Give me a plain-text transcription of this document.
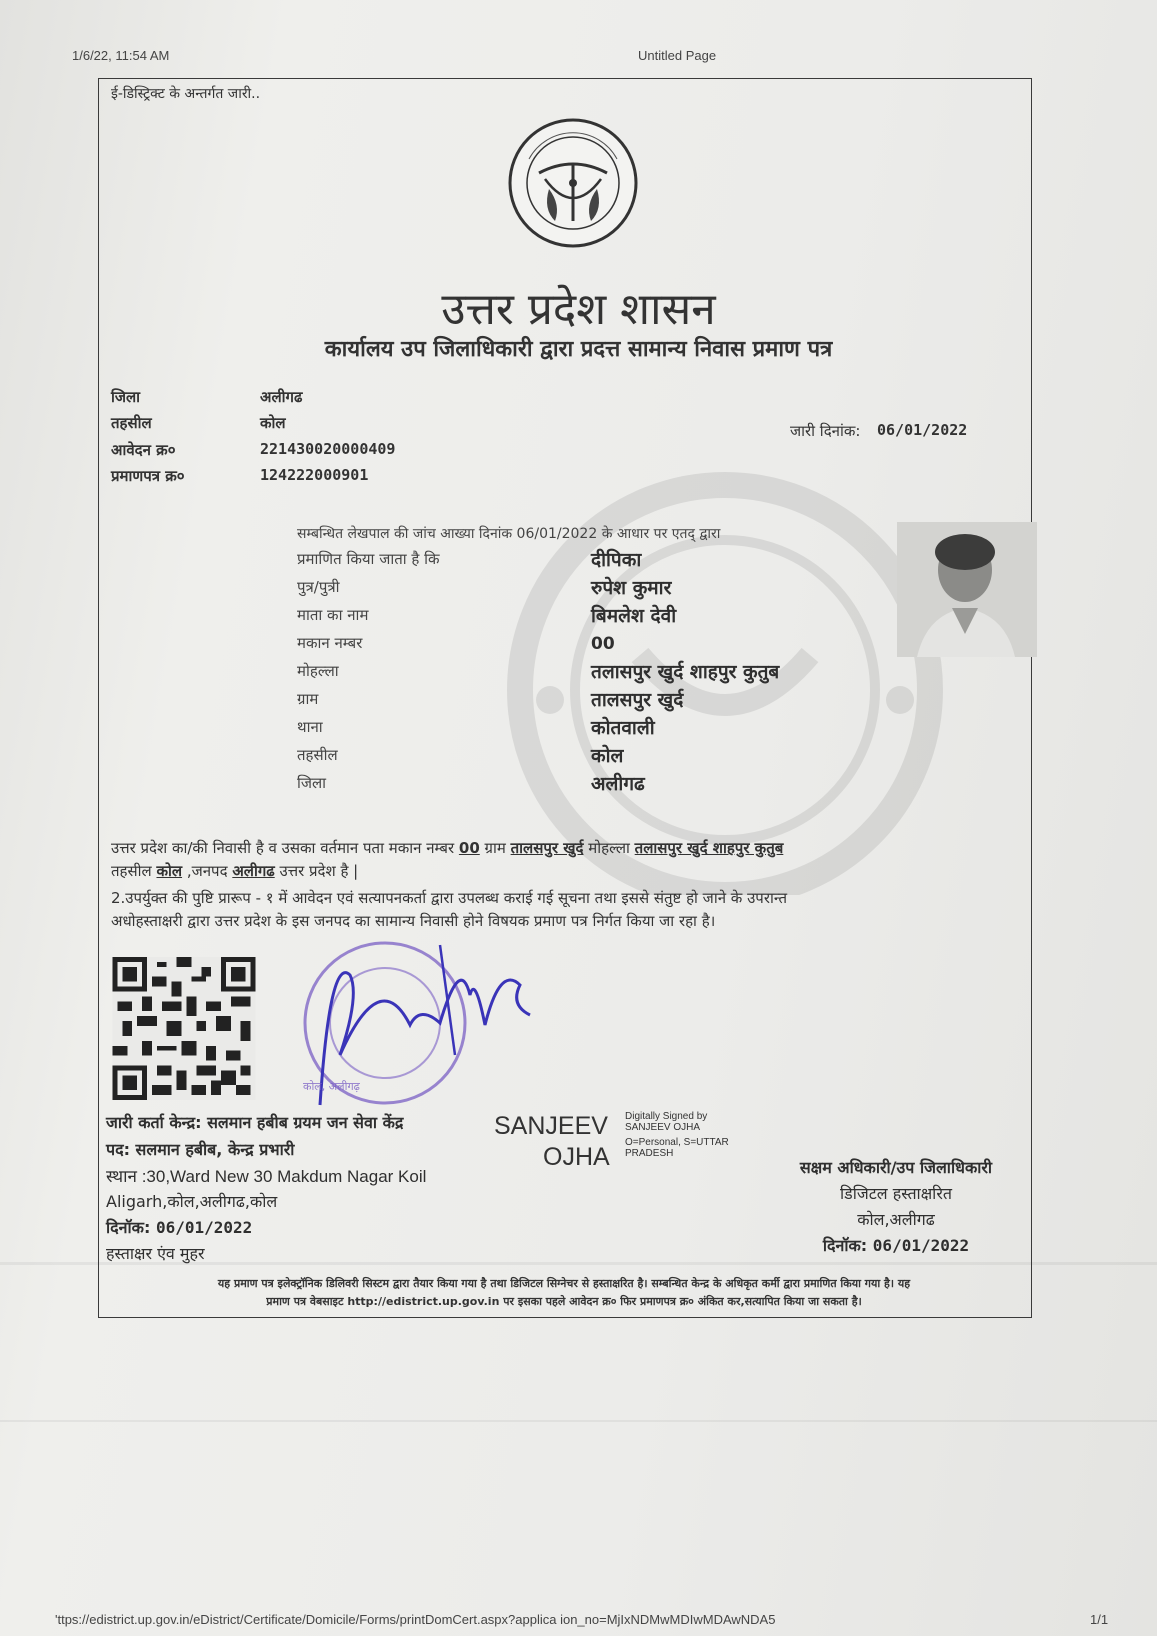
1/6/22, 11:54 AM	Untitled Page
ई-डिस्ट्रिक्ट के अन्तर्गत जारी..
उत्तर प्रदेश शासन
कार्यालय उप जिलाधिकारी द्वारा प्रदत्त सामान्य निवास प्रमाण पत्र
जिला	अलीगढ
तहसील	कोल
आवेदन क्र०	221430020000409
प्रमाणपत्र क्र०	124222000901
जारी दिनांक: 06/01/2022
सम्बन्धित लेखपाल की जांच आख्या दिनांक 06/01/2022 के आधार पर एतद् द्वारा
प्रमाणित किया जाता है कि	दीपिका
पुत्र/पुत्री	रुपेश कुमार
माता का नाम	बिमलेश देवी
मकान नम्बर	00
मोहल्ला	तलासपुर खुर्द शाहपुर कुतुब
ग्राम	तालसपुर खुर्द
थाना	कोतवाली
तहसील	कोल
जिला	अलीगढ
उत्तर प्रदेश का/की निवासी है व उसका वर्तमान पता मकान नम्बर 00 ग्राम तालसपुर खुर्द मोहल्ला तलासपुर खुर्द शाहपुर कुतुब
तहसील कोल ,जनपद अलीगढ उत्तर प्रदेश है |
2.उपर्युक्त की पुष्टि प्रारूप - १ में आवेदन एवं सत्यापनकर्ता द्वारा उपलब्ध कराई गई सूचना तथा इससे संतुष्ट हो जाने के उपरान्त
अधोहस्ताक्षरी द्वारा उत्तर प्रदेश के इस जनपद का सामान्य निवासी होने विषयक प्रमाण पत्र निर्गत किया जा रहा है।
कोल, अलीगढ़
जारी कर्ता केन्द्र: सलमान हबीब ग्रयम जन सेवा केंद्र
पद: सलमान हबीब, केन्द्र प्रभारी
स्थान :30,Ward New 30 Makdum Nagar Koil
Aligarh,कोल,अलीगढ,कोल
दिनॉक: 06/01/2022
हस्ताक्षर एंव मुहर
SANJEEV
OJHA
Digitally Signed by
SANJEEV OJHA
O=Personal, S=UTTAR
PRADESH
सक्षम अधिकारी/उप जिलाधिकारी
डिजिटल हस्ताक्षरित
कोल,अलीगढ
दिनॉक: 06/01/2022
यह प्रमाण पत्र इलेक्ट्रॉनिक डिलिवरी सिस्टम द्वारा तैयार किया गया है तथा डिजिटल सिग्नेचर से हस्ताक्षरित है। सम्बन्धित केन्द्र के अधिकृत कर्मी द्वारा प्रमाणित किया गया है। यह
प्रमाण पत्र वेबसाइट http://edistrict.up.gov.in पर इसका पहले आवेदन क्र० फिर प्रमाणपत्र क्र० अंकित कर,सत्यापित किया जा सकता है।
'ttps://edistrict.up.gov.in/eDistrict/Certificate/Domicile/Forms/printDomCert.aspx?applica ion_no=MjIxNDMwMDIwMDAwNDA5	1/1
